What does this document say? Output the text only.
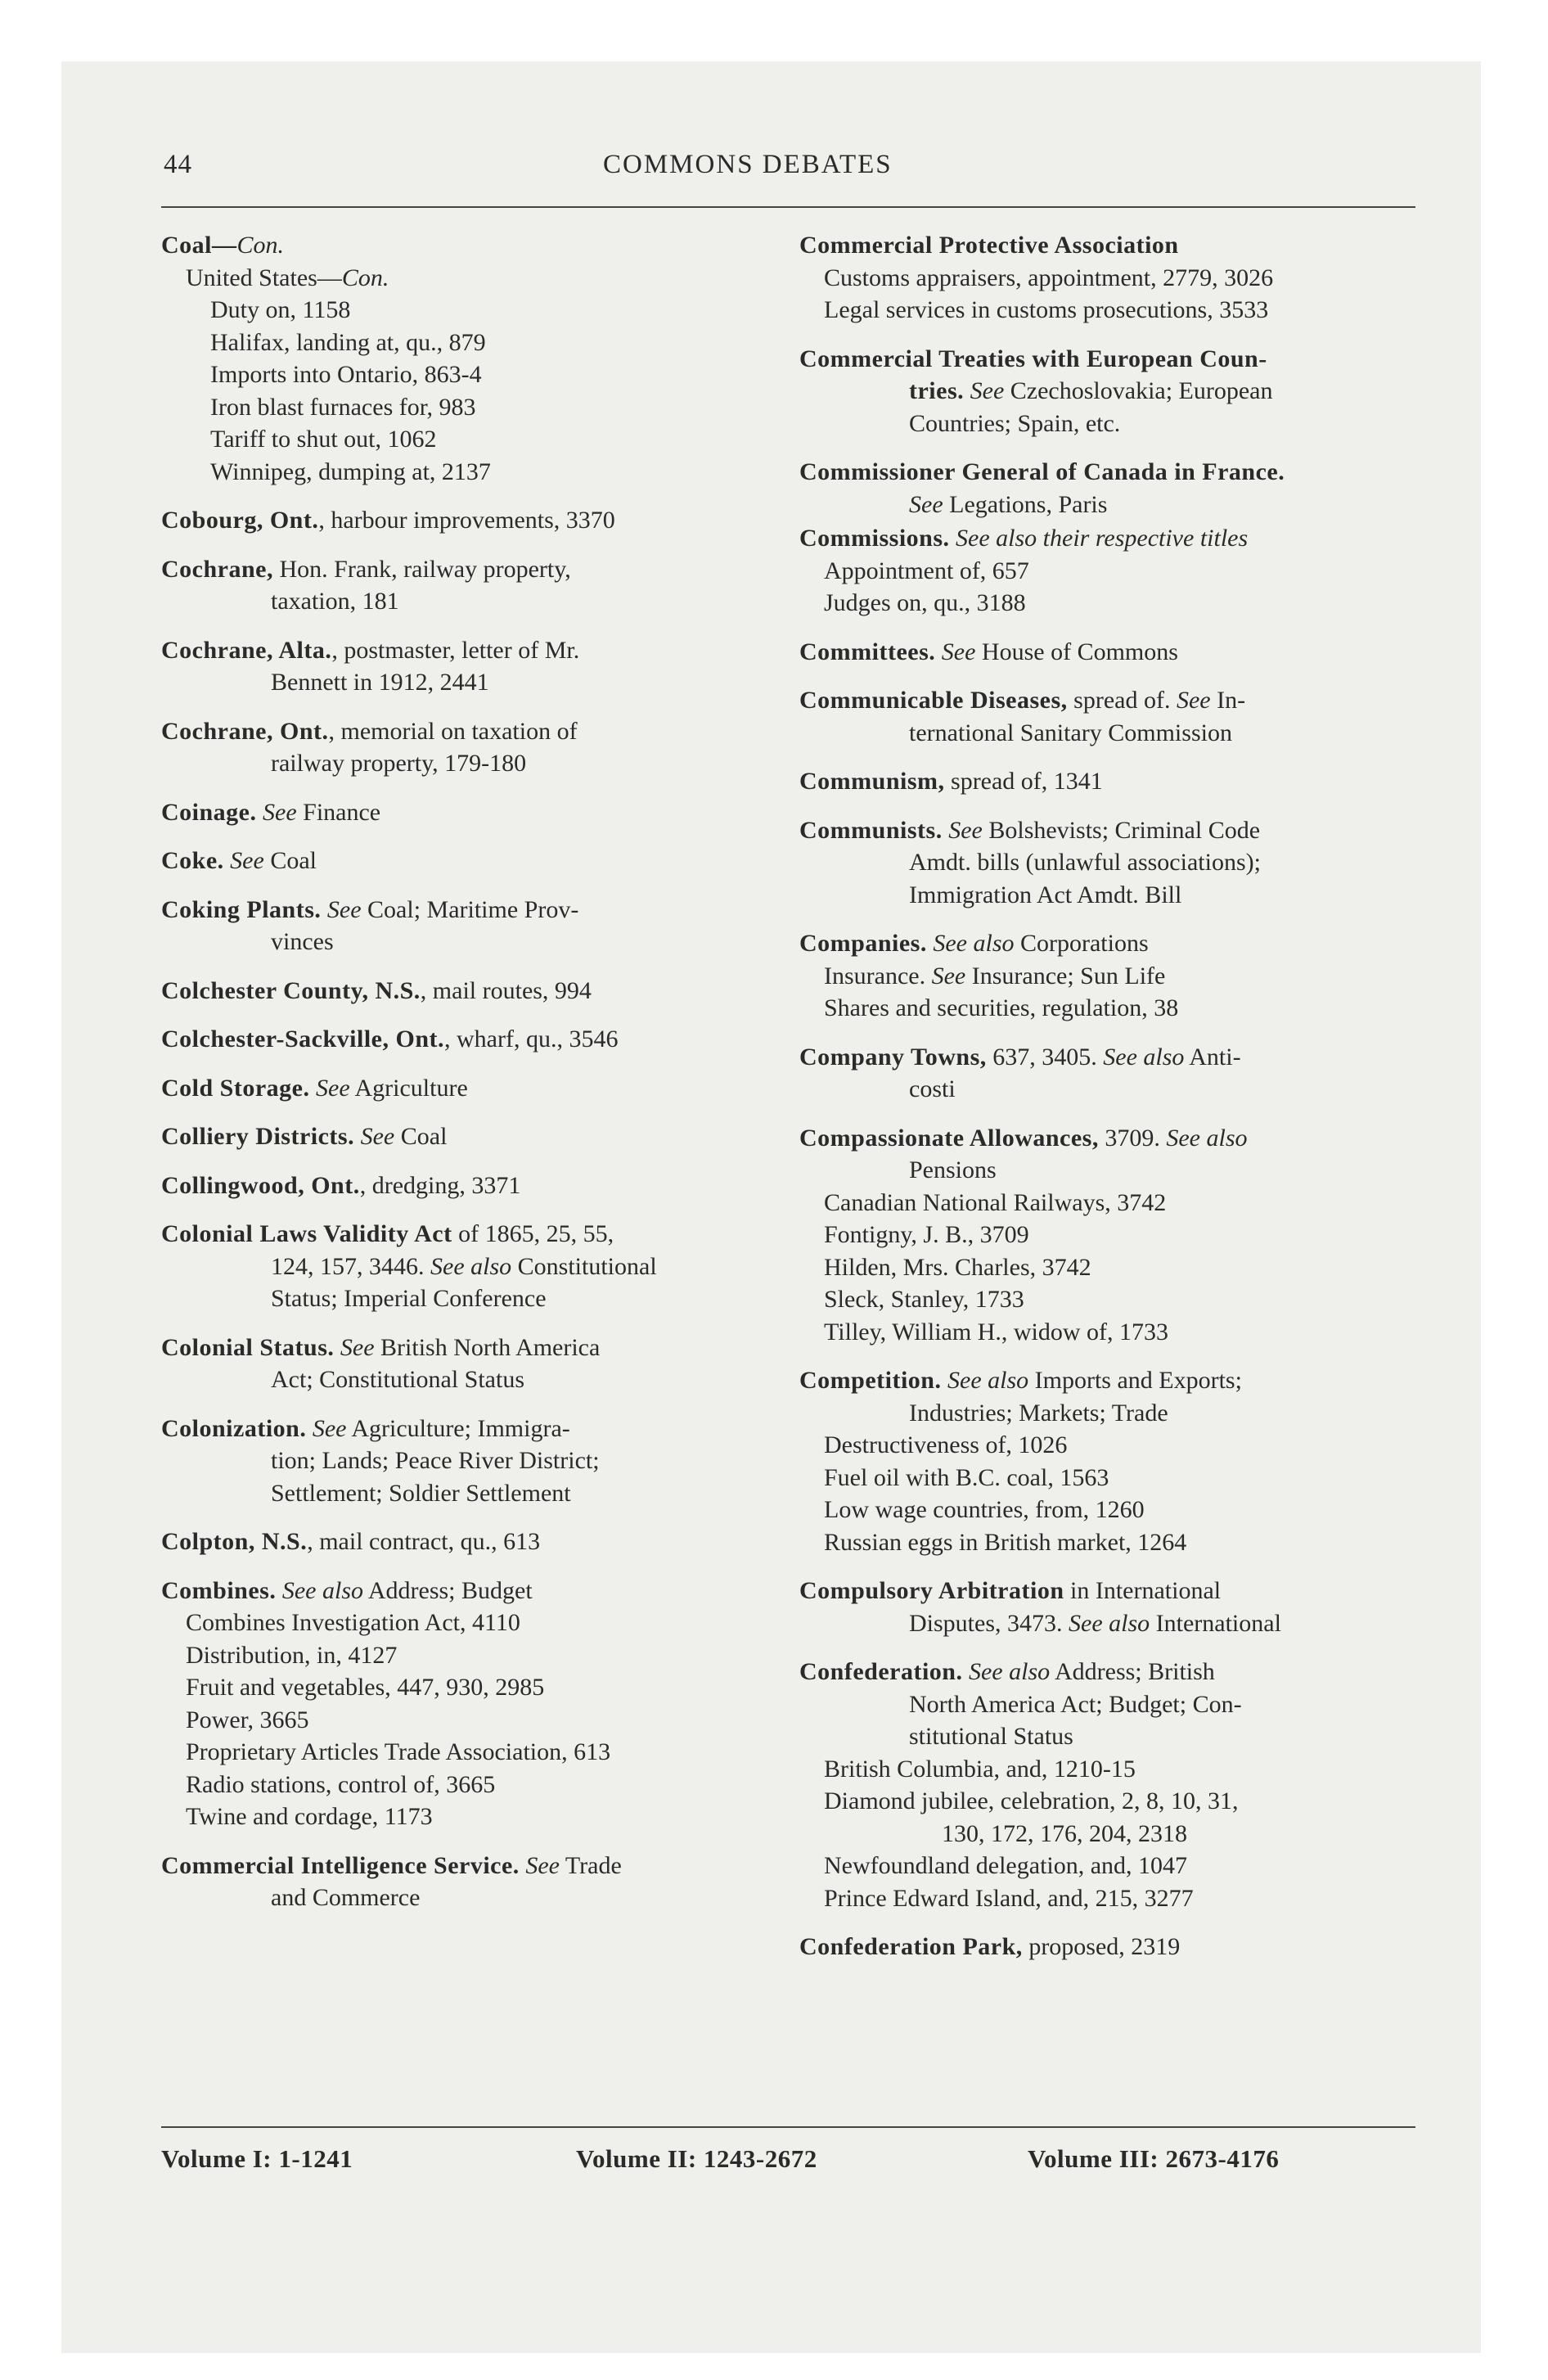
44	COMMONS DEBATES
Coal—Con.
United States—Con.
Duty on, 1158
Halifax, landing at, qu., 879
Imports into Ontario, 863-4
Iron blast furnaces for, 983
Tariff to shut out, 1062
Winnipeg, dumping at, 2137
Cobourg, Ont., harbour improvements, 3370
Cochrane, Hon. Frank, railway property,
taxation, 181
Cochrane, Alta., postmaster, letter of Mr.
Bennett in 1912, 2441
Cochrane, Ont., memorial on taxation of
railway property, 179-180
Coinage. See Finance
Coke. See Coal
Coking Plants. See Coal; Maritime Prov-
vinces
Colchester County, N.S., mail routes, 994
Colchester-Sackville, Ont., wharf, qu., 3546
Cold Storage. See Agriculture
Colliery Districts. See Coal
Collingwood, Ont., dredging, 3371
Colonial Laws Validity Act of 1865, 25, 55,
124, 157, 3446. See also Constitutional
Status; Imperial Conference
Colonial Status. See British North America
Act; Constitutional Status
Colonization. See Agriculture; Immigra-
tion; Lands; Peace River District;
Settlement; Soldier Settlement
Colpton, N.S., mail contract, qu., 613
Combines. See also Address; Budget
Combines Investigation Act, 4110
Distribution, in, 4127
Fruit and vegetables, 447, 930, 2985
Power, 3665
Proprietary Articles Trade Association, 613
Radio stations, control of, 3665
Twine and cordage, 1173
Commercial Intelligence Service. See Trade
and Commerce
Commercial Protective Association
Customs appraisers, appointment, 2779, 3026
Legal services in customs prosecutions, 3533
Commercial Treaties with European Coun-
tries. See Czechoslovakia; European
Countries; Spain, etc.
Commissioner General of Canada in France.
See Legations, Paris
Commissions. See also their respective titles
Appointment of, 657
Judges on, qu., 3188
Committees. See House of Commons
Communicable Diseases, spread of. See In-
ternational Sanitary Commission
Communism, spread of, 1341
Communists. See Bolshevists; Criminal Code
Amdt. bills (unlawful associations);
Immigration Act Amdt. Bill
Companies. See also Corporations
Insurance. See Insurance; Sun Life
Shares and securities, regulation, 38
Company Towns, 637, 3405. See also Anti-
costi
Compassionate Allowances, 3709. See also
Pensions
Canadian National Railways, 3742
Fontigny, J. B., 3709
Hilden, Mrs. Charles, 3742
Sleck, Stanley, 1733
Tilley, William H., widow of, 1733
Competition. See also Imports and Exports;
Industries; Markets; Trade
Destructiveness of, 1026
Fuel oil with B.C. coal, 1563
Low wage countries, from, 1260
Russian eggs in British market, 1264
Compulsory Arbitration in International
Disputes, 3473. See also International
Confederation. See also Address; British
North America Act; Budget; Con-
stitutional Status
British Columbia, and, 1210-15
Diamond jubilee, celebration, 2, 8, 10, 31,
130, 172, 176, 204, 2318
Newfoundland delegation, and, 1047
Prince Edward Island, and, 215, 3277
Confederation Park, proposed, 2319
Volume I: 1-1241	Volume II: 1243-2672	Volume III: 2673-4176
